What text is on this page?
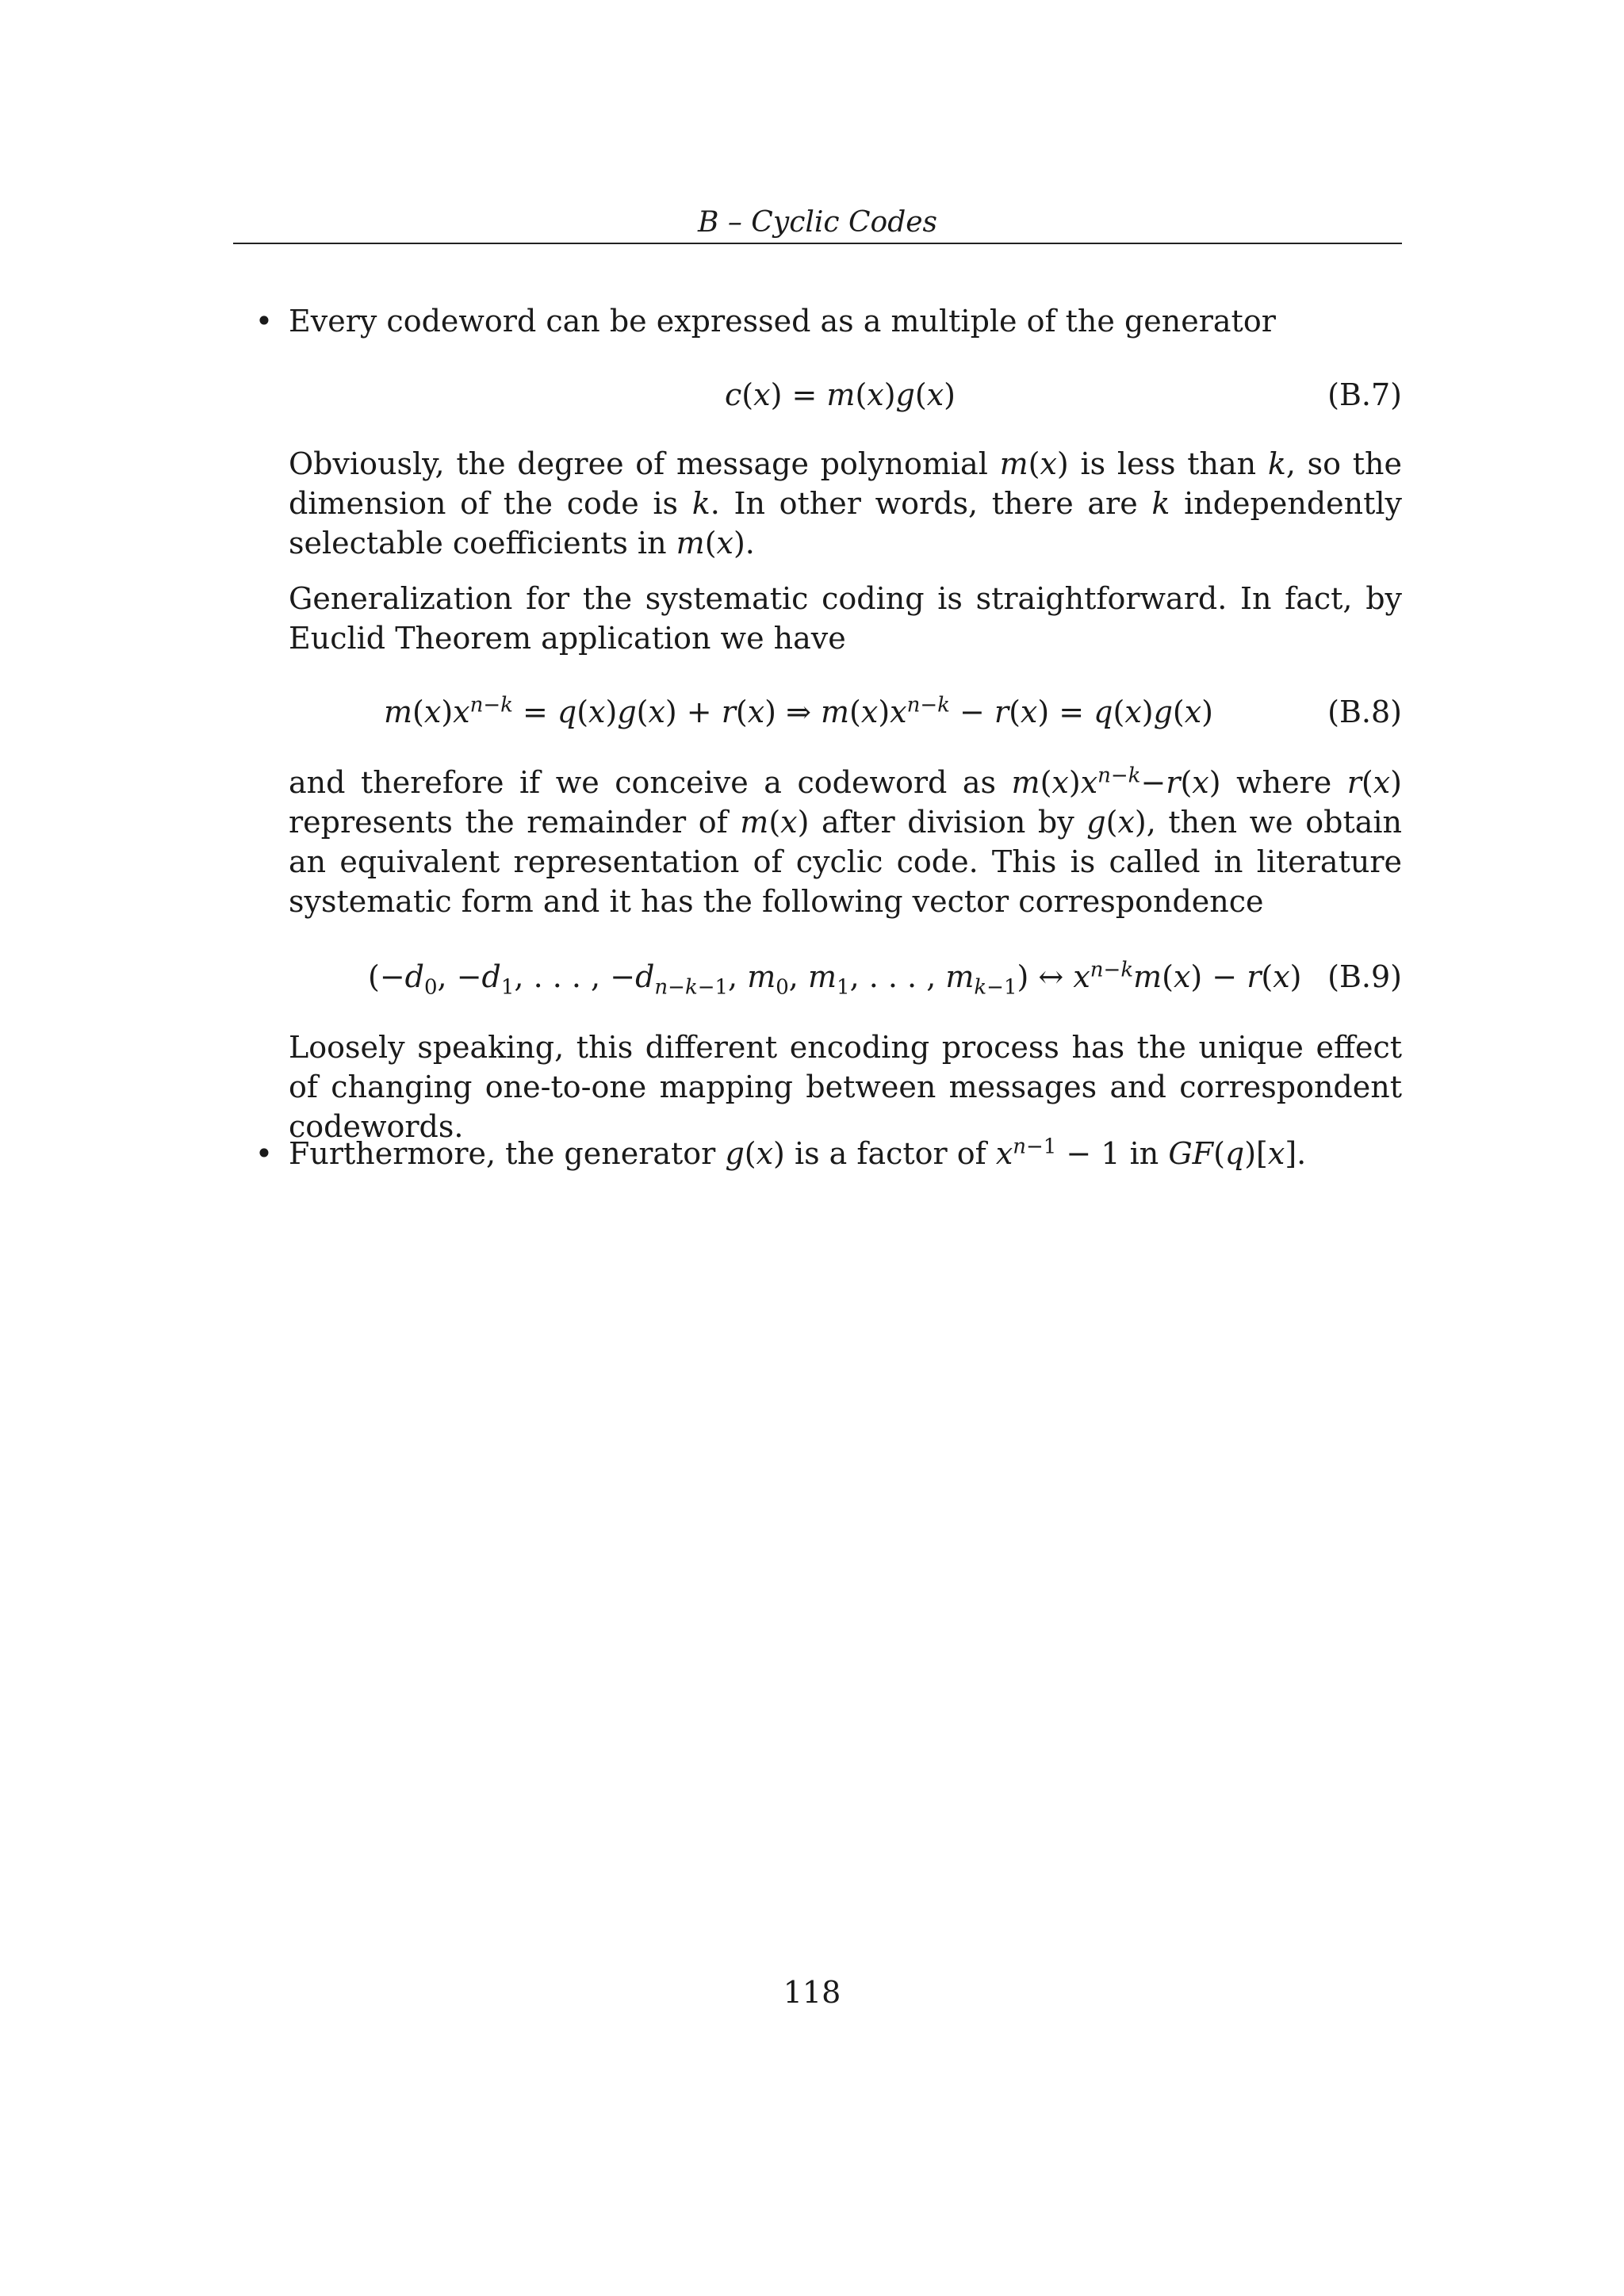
B – Cyclic Codes
• Every codeword can be expressed as a multiple of the generator

c(x) = m(x)g(x)	(B.7)

Obviously, the degree of message polynomial m(x) is less than k, so the dimension of the code is k. In other words, there are k independently selectable coefficients in m(x).

Generalization for the systematic coding is straightforward. In fact, by Euclid Theorem application we have

$m(x)x^{n-k} = q(x)g(x) + r(x)$ ⇒ $m(x)x^{n-k} - r(x) = q(x)g(x)$	(B.8)

and therefore if we conceive a codeword as $m(x)x^{n-k}-r(x)$ where r(x) represents the remainder of m(x) after division by g(x), then we obtain an equivalent representation of cyclic code. This is called in literature systematic form and it has the following vector correspondence

($-d_0$, $-d_1$, . . . , $-d_{n-k-1}$, $m_0$, $m_1$, . . . , $m_{k-1}$) ↔ $x^{n-k}m(x) - r(x)$ (B.9)

Loosely speaking, this different encoding process has the unique effect of changing one-to-one mapping between messages and correspondent codewords.

• Furthermore, the generator g(x) is a factor of $x^{n-1} - 1$ in GF(q)[x].

118
